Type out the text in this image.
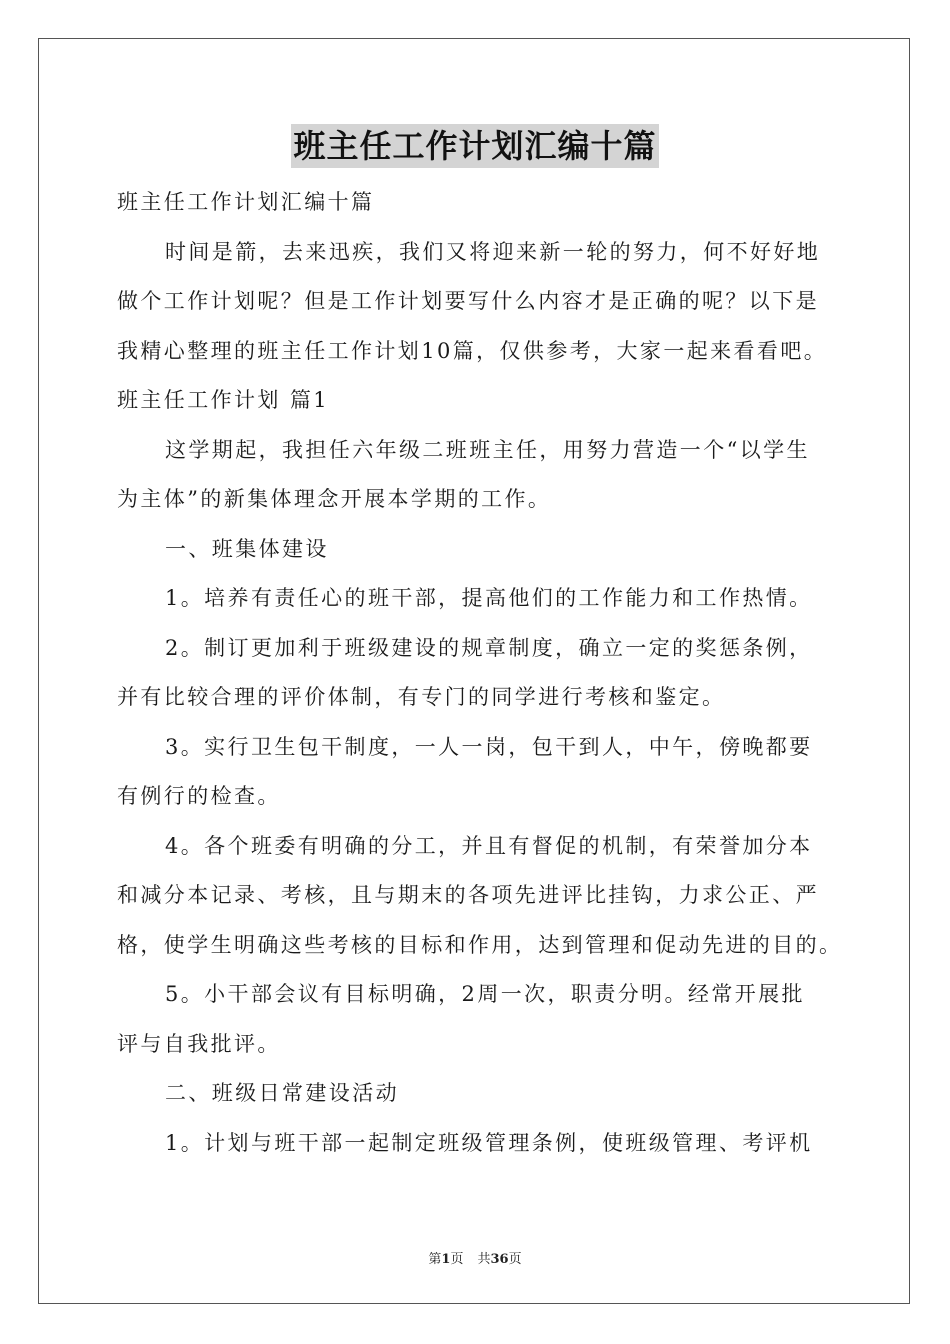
班主任工作计划汇编十篇

班主任工作计划汇编十篇

时间是箭，去来迅疾，我们又将迎来新一轮的努力，何不好好地

做个工作计划呢？但是工作计划要写什么内容才是正确的呢？以下是

我精心整理的班主任工作计划10篇，仅供参考，大家一起来看看吧。

班主任工作计划 篇1

这学期起，我担任六年级二班班主任，用努力营造一个“以学生

为主体”的新集体理念开展本学期的工作。

一、班集体建设

1。培养有责任心的班干部，提高他们的工作能力和工作热情。

2。制订更加利于班级建设的规章制度，确立一定的奖惩条例，

并有比较合理的评价体制，有专门的同学进行考核和鉴定。

3。实行卫生包干制度，一人一岗，包干到人，中午，傍晚都要

有例行的检查。

4。各个班委有明确的分工，并且有督促的机制，有荣誉加分本

和减分本记录、考核，且与期末的各项先进评比挂钩，力求公正、严

格，使学生明确这些考核的目标和作用，达到管理和促动先进的目的。

5。小干部会议有目标明确，2周一次，职责分明。经常开展批

评与自我批评。

二、班级日常建设活动

1。计划与班干部一起制定班级管理条例，使班级管理、考评机

第1页 共36页
